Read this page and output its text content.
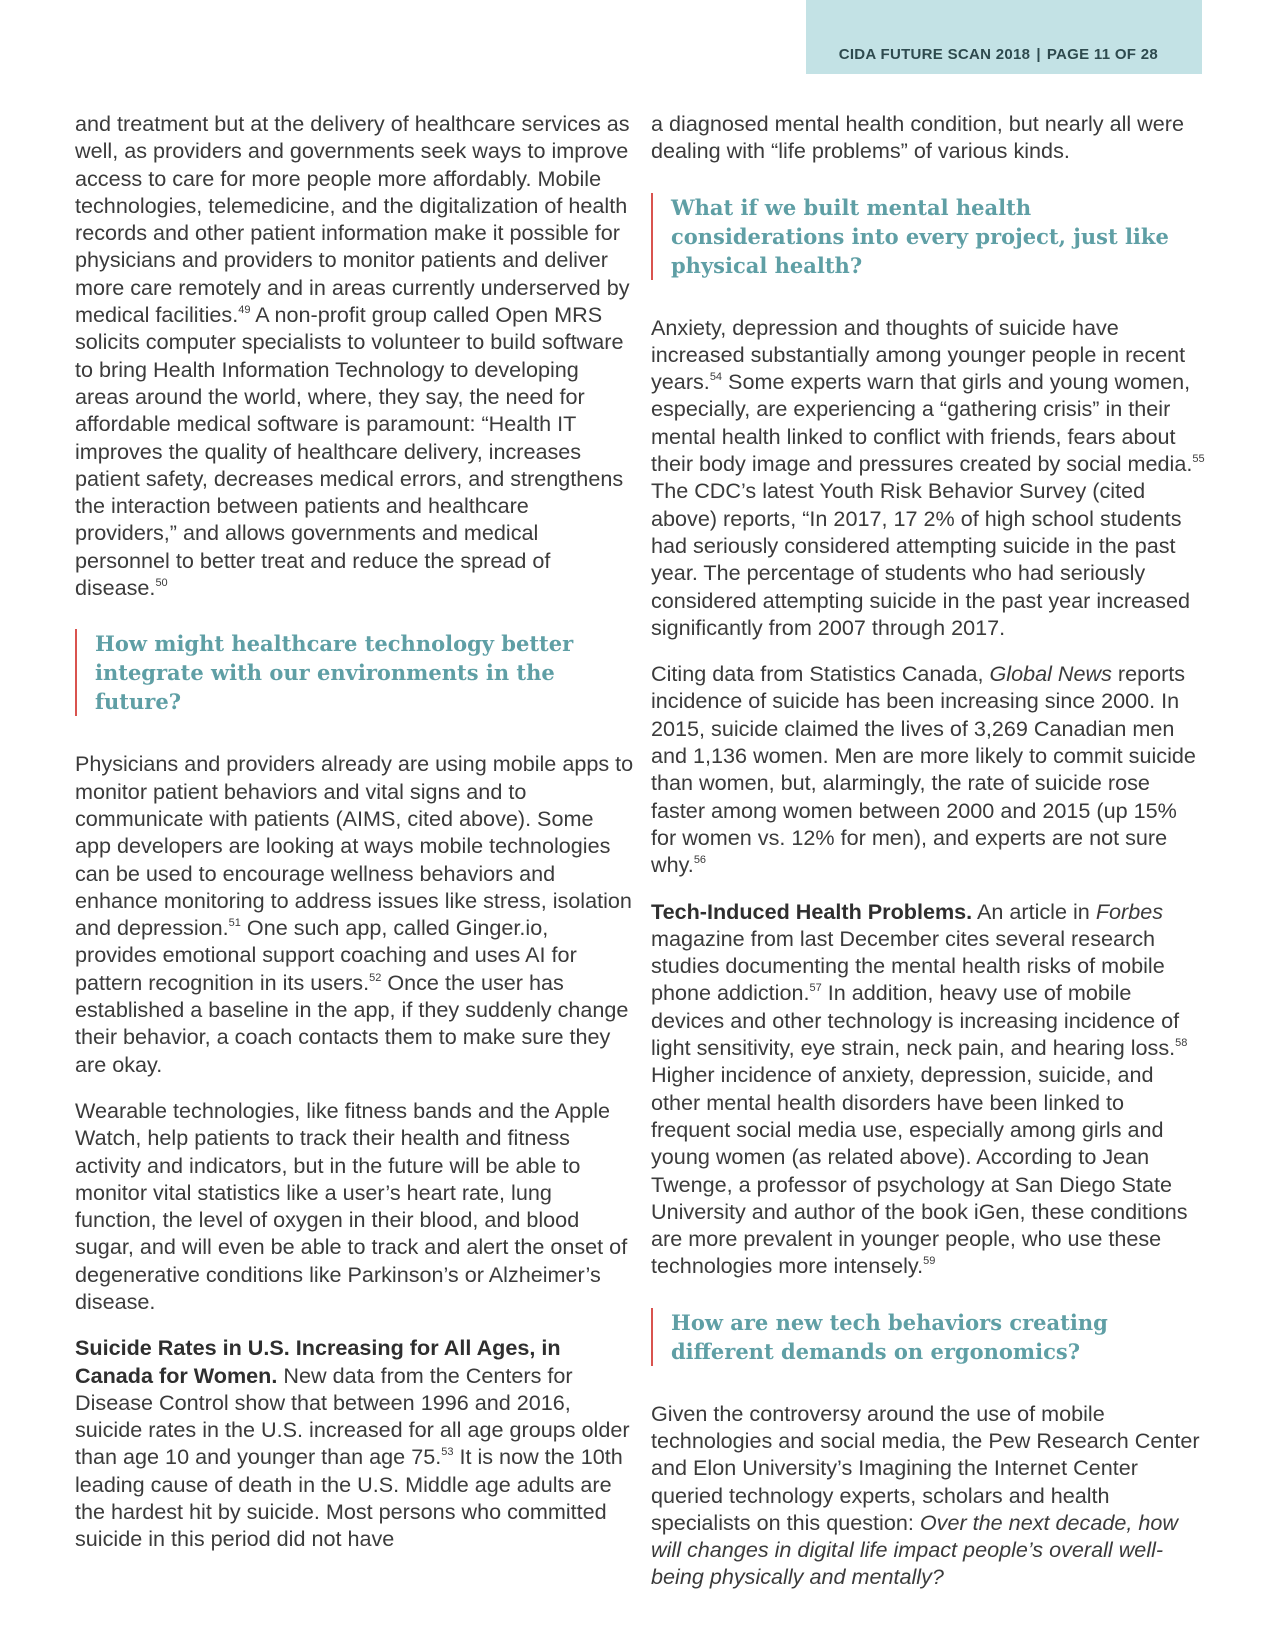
CIDA FUTURE SCAN 2018 | PAGE 11 OF 28

and treatment but at the delivery of healthcare services as well, as providers and governments seek ways to improve access to care for more people more affordably. Mobile technologies, telemedicine, and the digitalization of health records and other patient information make it possible for physicians and providers to monitor patients and deliver more care remotely and in areas currently underserved by medical facilities.$^{49}$ A non-profit group called Open MRS solicits computer specialists to volunteer to build software to bring Health Information Technology to developing areas around the world, where, they say, the need for affordable medical software is paramount: “Health IT improves the quality of healthcare delivery, increases patient safety, decreases medical errors, and strengthens the interaction between patients and healthcare providers,” and allows governments and medical personnel to better treat and reduce the spread of disease.$^{50}$

How might healthcare technology better integrate with our environments in the future?

Physicians and providers already are using mobile apps to monitor patient behaviors and vital signs and to communicate with patients (AIMS, cited above). Some app developers are looking at ways mobile technologies can be used to encourage wellness behaviors and enhance monitoring to address issues like stress, isolation and depression.$^{51}$ One such app, called Ginger.io, provides emotional support coaching and uses AI for pattern recognition in its users.$^{52}$ Once the user has established a baseline in the app, if they suddenly change their behavior, a coach contacts them to make sure they are okay.

Wearable technologies, like fitness bands and the Apple Watch, help patients to track their health and fitness activity and indicators, but in the future will be able to monitor vital statistics like a user’s heart rate, lung function, the level of oxygen in their blood, and blood sugar, and will even be able to track and alert the onset of degenerative conditions like Parkinson’s or Alzheimer’s disease.

Suicide Rates in U.S. Increasing for All Ages, in Canada for Women. New data from the Centers for Disease Control show that between 1996 and 2016, suicide rates in the U.S. increased for all age groups older than age 10 and younger than age 75.53 It is now the 10th leading cause of death in the U.S. Middle age adults are the hardest hit by suicide. Most persons who committed suicide in this period did not have

a diagnosed mental health condition, but nearly all were dealing with “life problems” of various kinds.

What if we built mental health considerations into every project, just like physical health?

Anxiety, depression and thoughts of suicide have increased substantially among younger people in recent years.$^{54}$ Some experts warn that girls and young women, especially, are experiencing a “gathering crisis” in their mental health linked to conflict with friends, fears about their body image and pressures created by social media.$^{55}$ The CDC’s latest Youth Risk Behavior Survey (cited above) reports, “In 2017, 17 2% of high school students had seriously considered attempting suicide in the past year. The percentage of students who had seriously considered attempting suicide in the past year increased significantly from 2007 through 2017.

Citing data from Statistics Canada, Global News reports incidence of suicide has been increasing since 2000. In 2015, suicide claimed the lives of 3,269 Canadian men and 1,136 women. Men are more likely to commit suicide than women, but, alarmingly, the rate of suicide rose faster among women between 2000 and 2015 (up 15% for women vs. 12% for men), and experts are not sure why.$^{56}$

Tech-Induced Health Problems. An article in Forbes magazine from last December cites several research studies documenting the mental health risks of mobile phone addiction.$^{57}$ In addition, heavy use of mobile devices and other technology is increasing incidence of light sensitivity, eye strain, neck pain, and hearing loss.$^{58}$ Higher incidence of anxiety, depression, suicide, and other mental health disorders have been linked to frequent social media use, especially among girls and young women (as related above). According to Jean Twenge, a professor of psychology at San Diego State University and author of the book iGen, these conditions are more prevalent in younger people, who use these technologies more intensely.$^{59}$

How are new tech behaviors creating different demands on ergonomics?

Given the controversy around the use of mobile technologies and social media, the Pew Research Center and Elon University’s Imagining the Internet Center queried technology experts, scholars and health specialists on this question: Over the next decade, how will changes in digital life impact people’s overall well-being physically and mentally?
